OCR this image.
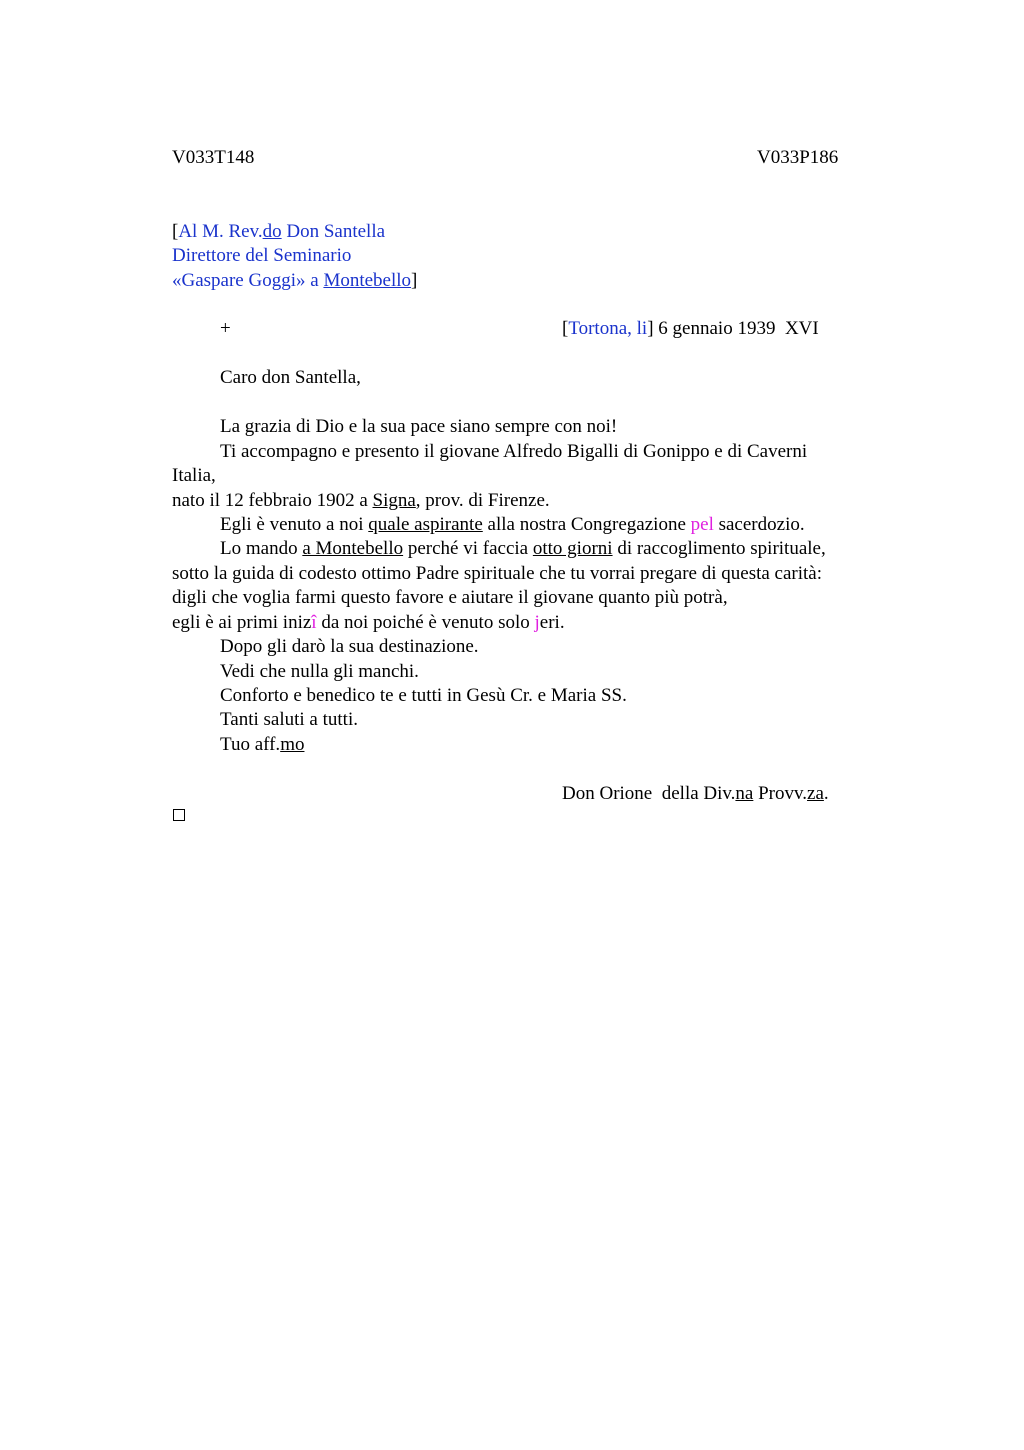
V033T148	V033P186
[Al M. Rev.do Don Santella
Direttore del Seminario
«Gaspare Goggi» a Montebello]
+	[Tortona, li] 6 gennaio 1939  XVI
Caro don Santella,
La grazia di Dio e la sua pace siano sempre con noi!
Ti accompagno e presento il giovane Alfredo Bigalli di Gonippo e di Caverni
Italia,
nato il 12 febbraio 1902 a Signa, prov. di Firenze.
Egli è venuto a noi quale aspirante alla nostra Congregazione pel sacerdozio.
Lo mando a Montebello perché vi faccia otto giorni di raccoglimento spirituale,
sotto la guida di codesto ottimo Padre spirituale che tu vorrai pregare di questa carità:
digli che voglia farmi questo favore e aiutare il giovane quanto più potrà,
egli è ai primi inizî da noi poiché è venuto solo jeri.
Dopo gli darò la sua destinazione.
Vedi che nulla gli manchi.
Conforto e benedico te e tutti in Gesù Cr. e Maria SS.
Tanti saluti a tutti.
Tuo aff.mo
Don Orione  della Div.na Provv.za.
